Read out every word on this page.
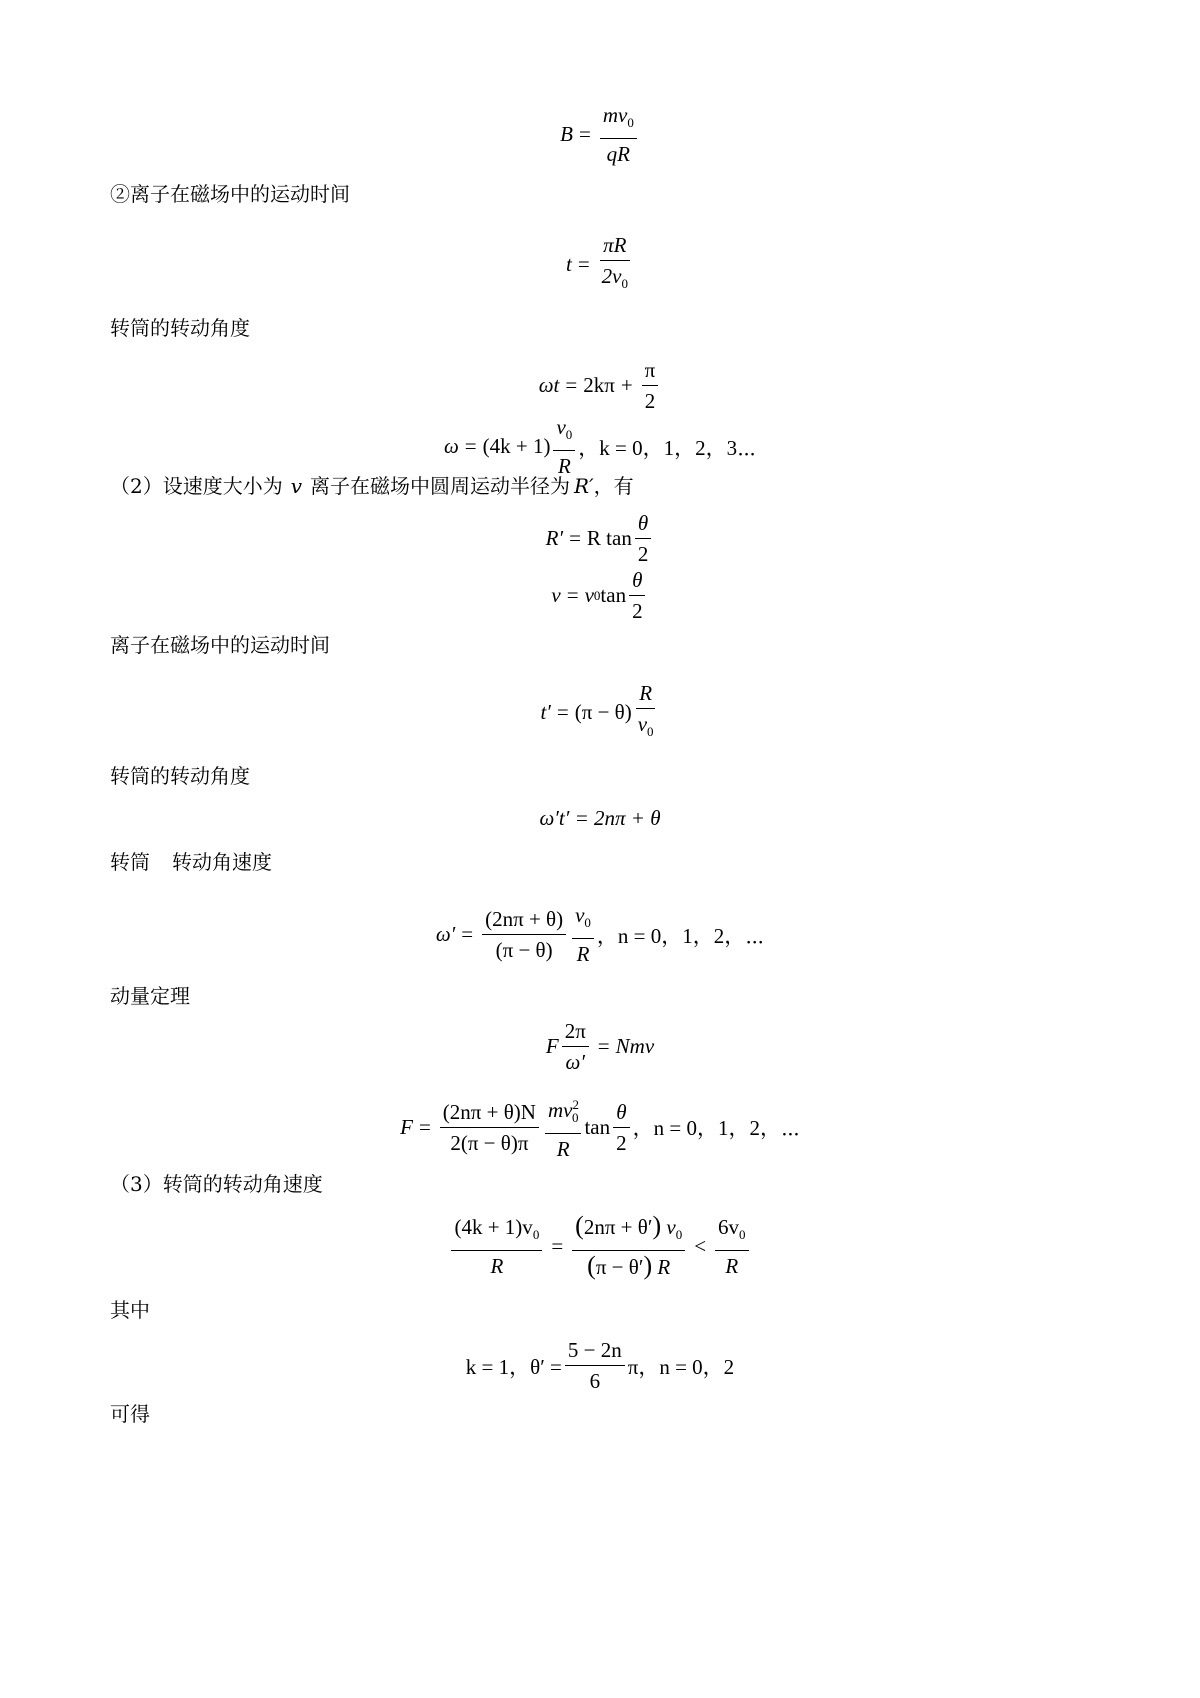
$B = \frac{mv_0}{qR}$
②离子在磁场中的运动时间
$t = \frac{\pi R}{2v_0}$
转筒的转动角度
$\omega t = 2k\pi + \frac{\pi}{2}$
$\omega = (4k + 1) \frac{v_0}{R}$ ，k = 0，1，2，3⋯
（2）设速度大小为 v 离子在磁场中圆周运动半径为 R′，有
R′ = R $\tan \frac{\theta}{2}$
v = v 0 $\tan \frac{\theta}{2}$
离子在磁场中的运动时间
$t' = (\pi - \theta) \frac{R}{v_0}$
转筒的转动角度
ω′t′ = 2nπ + θ
转筒 转动角速度
$\omega' = \frac{(2n\pi + \theta)}{(\pi - \theta)} \frac{v_0}{R}$ ，n = 0，1，2，⋯
动量定理
F $\frac{2\pi}{\omega'}$ = Nmv
$F = \frac{(2n\pi + \theta)N}{2(\pi - \theta)\pi} \frac{mv^2_0}{R}$ $\tan \frac{\theta}{2}$ ，n = 0，1，2，⋯
（3）转筒的转动角速度
$\frac{(4k + 1)v_0}{R} = \frac{(2n\pi + \theta') v_0}{(\pi - \theta') R} < \frac{6v_0}{R}$
其中
k = 1，$\theta' = \frac{5 - 2n}{6}$ π，n = 0，2
可得
